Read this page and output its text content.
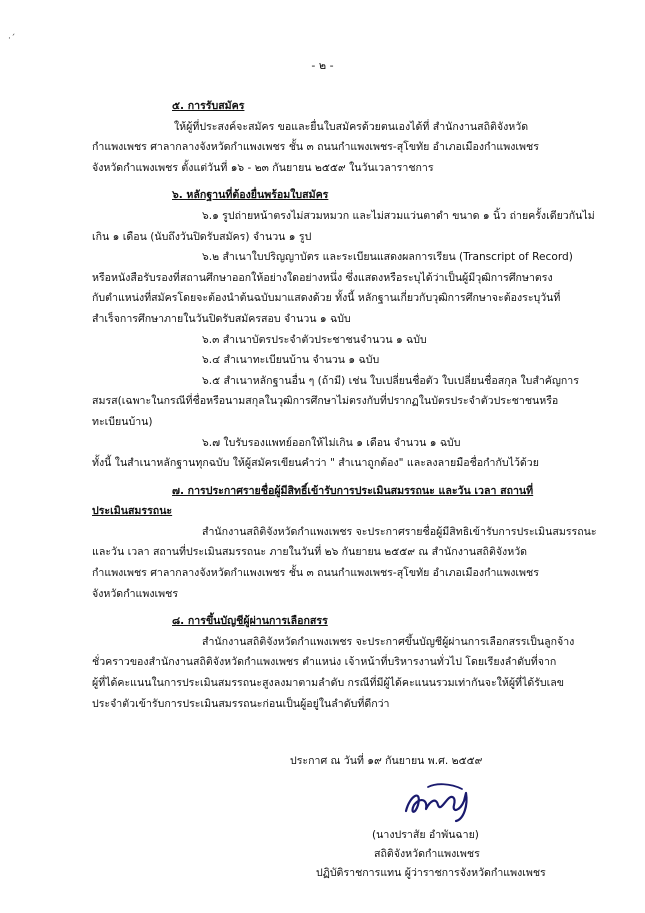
·ˊ
- ๒ -
๕. การรับสมัคร
ให้ผู้ที่ประสงค์จะสมัคร ขอและยื่นใบสมัครด้วยตนเองได้ที่ สำนักงานสถิติจังหวัด
กำแพงเพชร ศาลากลางจังหวัดกำแพงเพชร ชั้น ๓ ถนนกำแพงเพชร-สุโขทัย อำเภอเมืองกำแพงเพชร
จังหวัดกำแพงเพชร ตั้งแต่วันที่ ๑๖ - ๒๓ กันยายน ๒๕๕๙ ในวันเวลาราชการ
๖. หลักฐานที่ต้องยื่นพร้อมใบสมัคร
๖.๑ รูปถ่ายหน้าตรงไม่สวมหมวก และไม่สวมแว่นตาดำ ขนาด ๑ นิ้ว ถ่ายครั้งเดียวกันไม่
เกิน ๑ เดือน (นับถึงวันปิดรับสมัคร) จำนวน ๑ รูป
๖.๒ สำเนาใบปริญญาบัตร และระเบียนแสดงผลการเรียน (Transcript of Record)
หรือหนังสือรับรองที่สถานศึกษาออกให้อย่างใดอย่างหนึ่ง ซึ่งแสดงหรือระบุได้ว่าเป็นผู้มีวุฒิการศึกษาตรง
กับตำแหน่งที่สมัครโดยจะต้องนำต้นฉบับมาแสดงด้วย ทั้งนี้ หลักฐานเกี่ยวกับวุฒิการศึกษาจะต้องระบุวันที่
สำเร็จการศึกษาภายในวันปิดรับสมัครสอบ จำนวน ๑ ฉบับ
๖.๓ สำเนาบัตรประจำตัวประชาชนจำนวน ๑ ฉบับ
๖.๔ สำเนาทะเบียนบ้าน จำนวน ๑ ฉบับ
๖.๕ สำเนาหลักฐานอื่น ๆ (ถ้ามี) เช่น ใบเปลี่ยนชื่อตัว ใบเปลี่ยนชื่อสกุล ใบสำคัญการ
สมรส(เฉพาะในกรณีที่ชื่อหรือนามสกุลในวุฒิการศึกษาไม่ตรงกับที่ปรากฏในบัตรประจำตัวประชาชนหรือ
ทะเบียนบ้าน)
๖.๗ ใบรับรองแพทย์ออกให้ไม่เกิน ๑ เดือน จำนวน ๑ ฉบับ
ทั้งนี้ ในสำเนาหลักฐานทุกฉบับ ให้ผู้สมัครเขียนคำว่า " สำเนาถูกต้อง" และลงลายมือชื่อกำกับไว้ด้วย
๗. การประกาศรายชื่อผู้มีสิทธิ์เข้ารับการประเมินสมรรถนะ และวัน เวลา สถานที่
ประเมินสมรรถนะ
สำนักงานสถิติจังหวัดกำแพงเพชร จะประกาศรายชื่อผู้มีสิทธิเข้ารับการประเมินสมรรถนะ
และวัน เวลา สถานที่ประเมินสมรรถนะ ภายในวันที่ ๒๖ กันยายน ๒๕๕๙ ณ สำนักงานสถิติจังหวัด
กำแพงเพชร ศาลากลางจังหวัดกำแพงเพชร ชั้น ๓ ถนนกำแพงเพชร-สุโขทัย อำเภอเมืองกำแพงเพชร
จังหวัดกำแพงเพชร
๘. การขึ้นบัญชีผู้ผ่านการเลือกสรร
สำนักงานสถิติจังหวัดกำแพงเพชร จะประกาศขึ้นบัญชีผู้ผ่านการเลือกสรรเป็นลูกจ้าง
ชั่วคราวของสำนักงานสถิติจังหวัดกำแพงเพชร ตำแหน่ง เจ้าหน้าที่บริหารงานทั่วไป โดยเรียงลำดับที่จาก
ผู้ที่ได้คะแนนในการประเมินสมรรถนะสูงลงมาตามลำดับ กรณีที่มีผู้ได้คะแนนรวมเท่ากันจะให้ผู้ที่ได้รับเลข
ประจำตัวเข้ารับการประเมินสมรรถนะก่อนเป็นผู้อยู่ในลำดับที่ดีกว่า
ประกาศ ณ วันที่ ๑๙ กันยายน พ.ศ. ๒๕๕๙
(นางปราสัย อำพันฉาย)
สถิติจังหวัดกำแพงเพชร
ปฏิบัติราชการแทน ผู้ว่าราชการจังหวัดกำแพงเพชร
